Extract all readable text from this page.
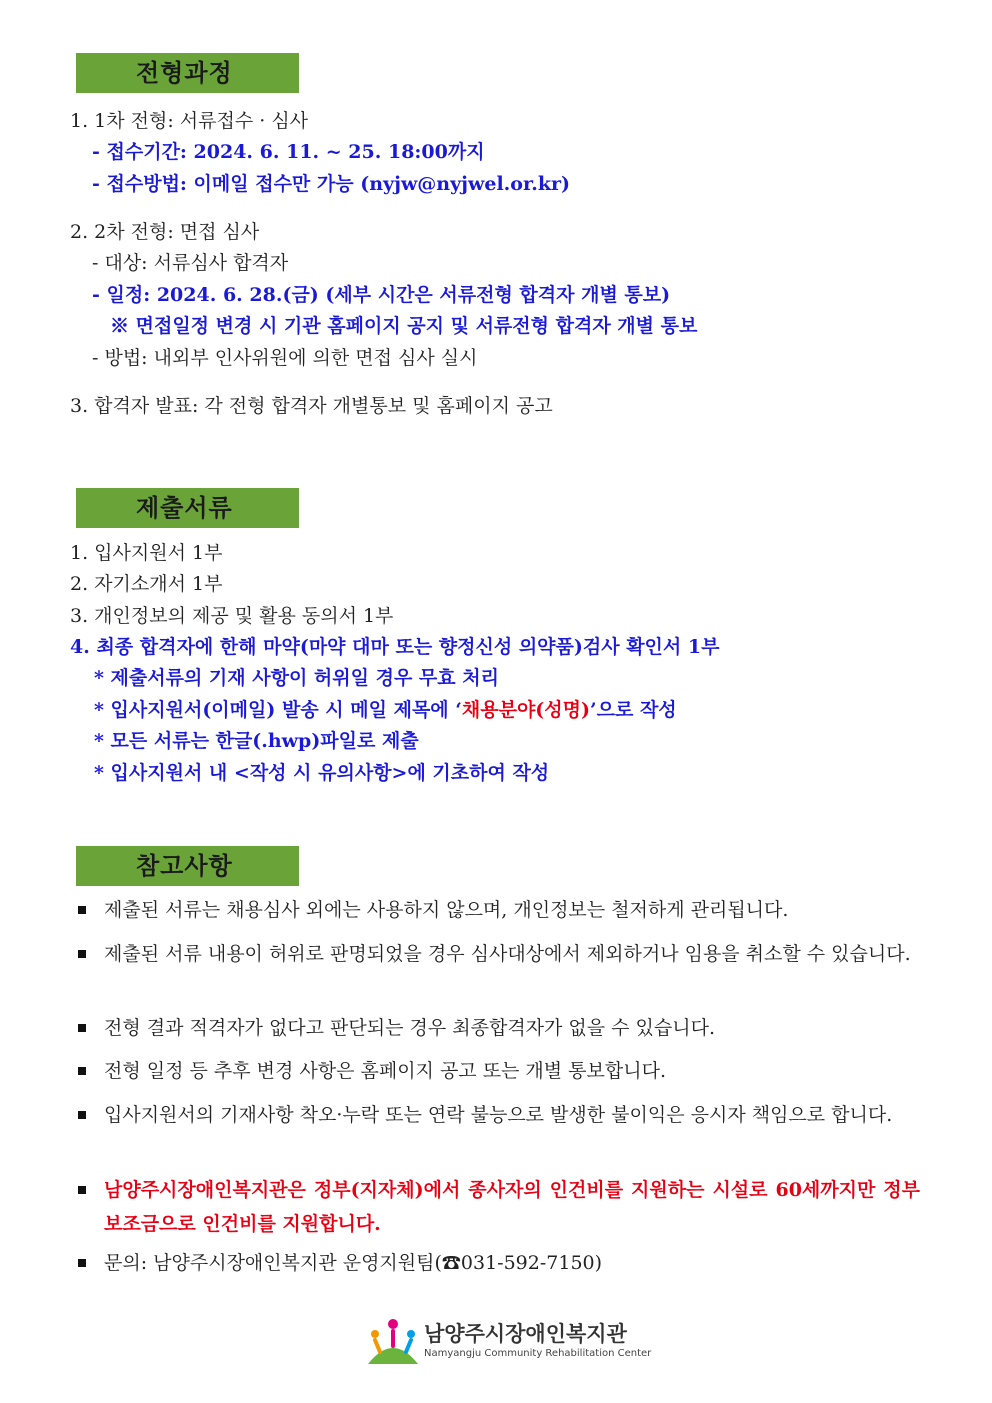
전형과정
1. 1차 전형: 서류접수 · 심사
- 접수기간: 2024. 6. 11. ~ 25. 18:00까지
- 접수방법: 이메일 접수만 가능 (nyjw@nyjwel.or.kr)
2. 2차 전형: 면접 심사
- 대상: 서류심사 합격자
- 일정: 2024. 6. 28.(금) (세부 시간은 서류전형 합격자 개별 통보)
※ 면접일정 변경 시 기관 홈페이지 공지 및 서류전형 합격자 개별 통보
- 방법: 내외부 인사위원에 의한 면접 심사 실시
3. 합격자 발표: 각 전형 합격자 개별통보 및 홈페이지 공고
제출서류
1. 입사지원서 1부
2. 자기소개서 1부
3. 개인정보의 제공 및 활용 동의서 1부
4. 최종 합격자에 한해 마약(마약 대마 또는 향정신성 의약품)검사 확인서 1부
* 제출서류의 기재 사항이 허위일 경우 무효 처리
* 입사지원서(이메일) 발송 시 메일 제목에 ‘채용분야(성명)’으로 작성
* 모든 서류는 한글(.hwp)파일로 제출
* 입사지원서 내 <작성 시 유의사항>에 기초하여 작성
참고사항
제출된 서류는 채용심사 외에는 사용하지 않으며, 개인정보는 철저하게 관리됩니다.
제출된 서류 내용이 허위로 판명되었을 경우 심사대상에서 제외하거나 임용을 취소할 수 있습니다.
전형 결과 적격자가 없다고 판단되는 경우 최종합격자가 없을 수 있습니다.
전형 일정 등 추후 변경 사항은 홈페이지 공고 또는 개별 통보합니다.
입사지원서의 기재사항 착오·누락 또는 연락 불능으로 발생한 불이익은 응시자 책임으로 합니다.
남양주시장애인복지관은 정부(지자체)에서 종사자의 인건비를 지원하는 시설로 60세까지만 정부 보조금으로 인건비를 지원합니다.
문의: 남양주시장애인복지관 운영지원팀(☎031-592-7150)
남양주시장애인복지관
Namyangju Community Rehabilitation Center
